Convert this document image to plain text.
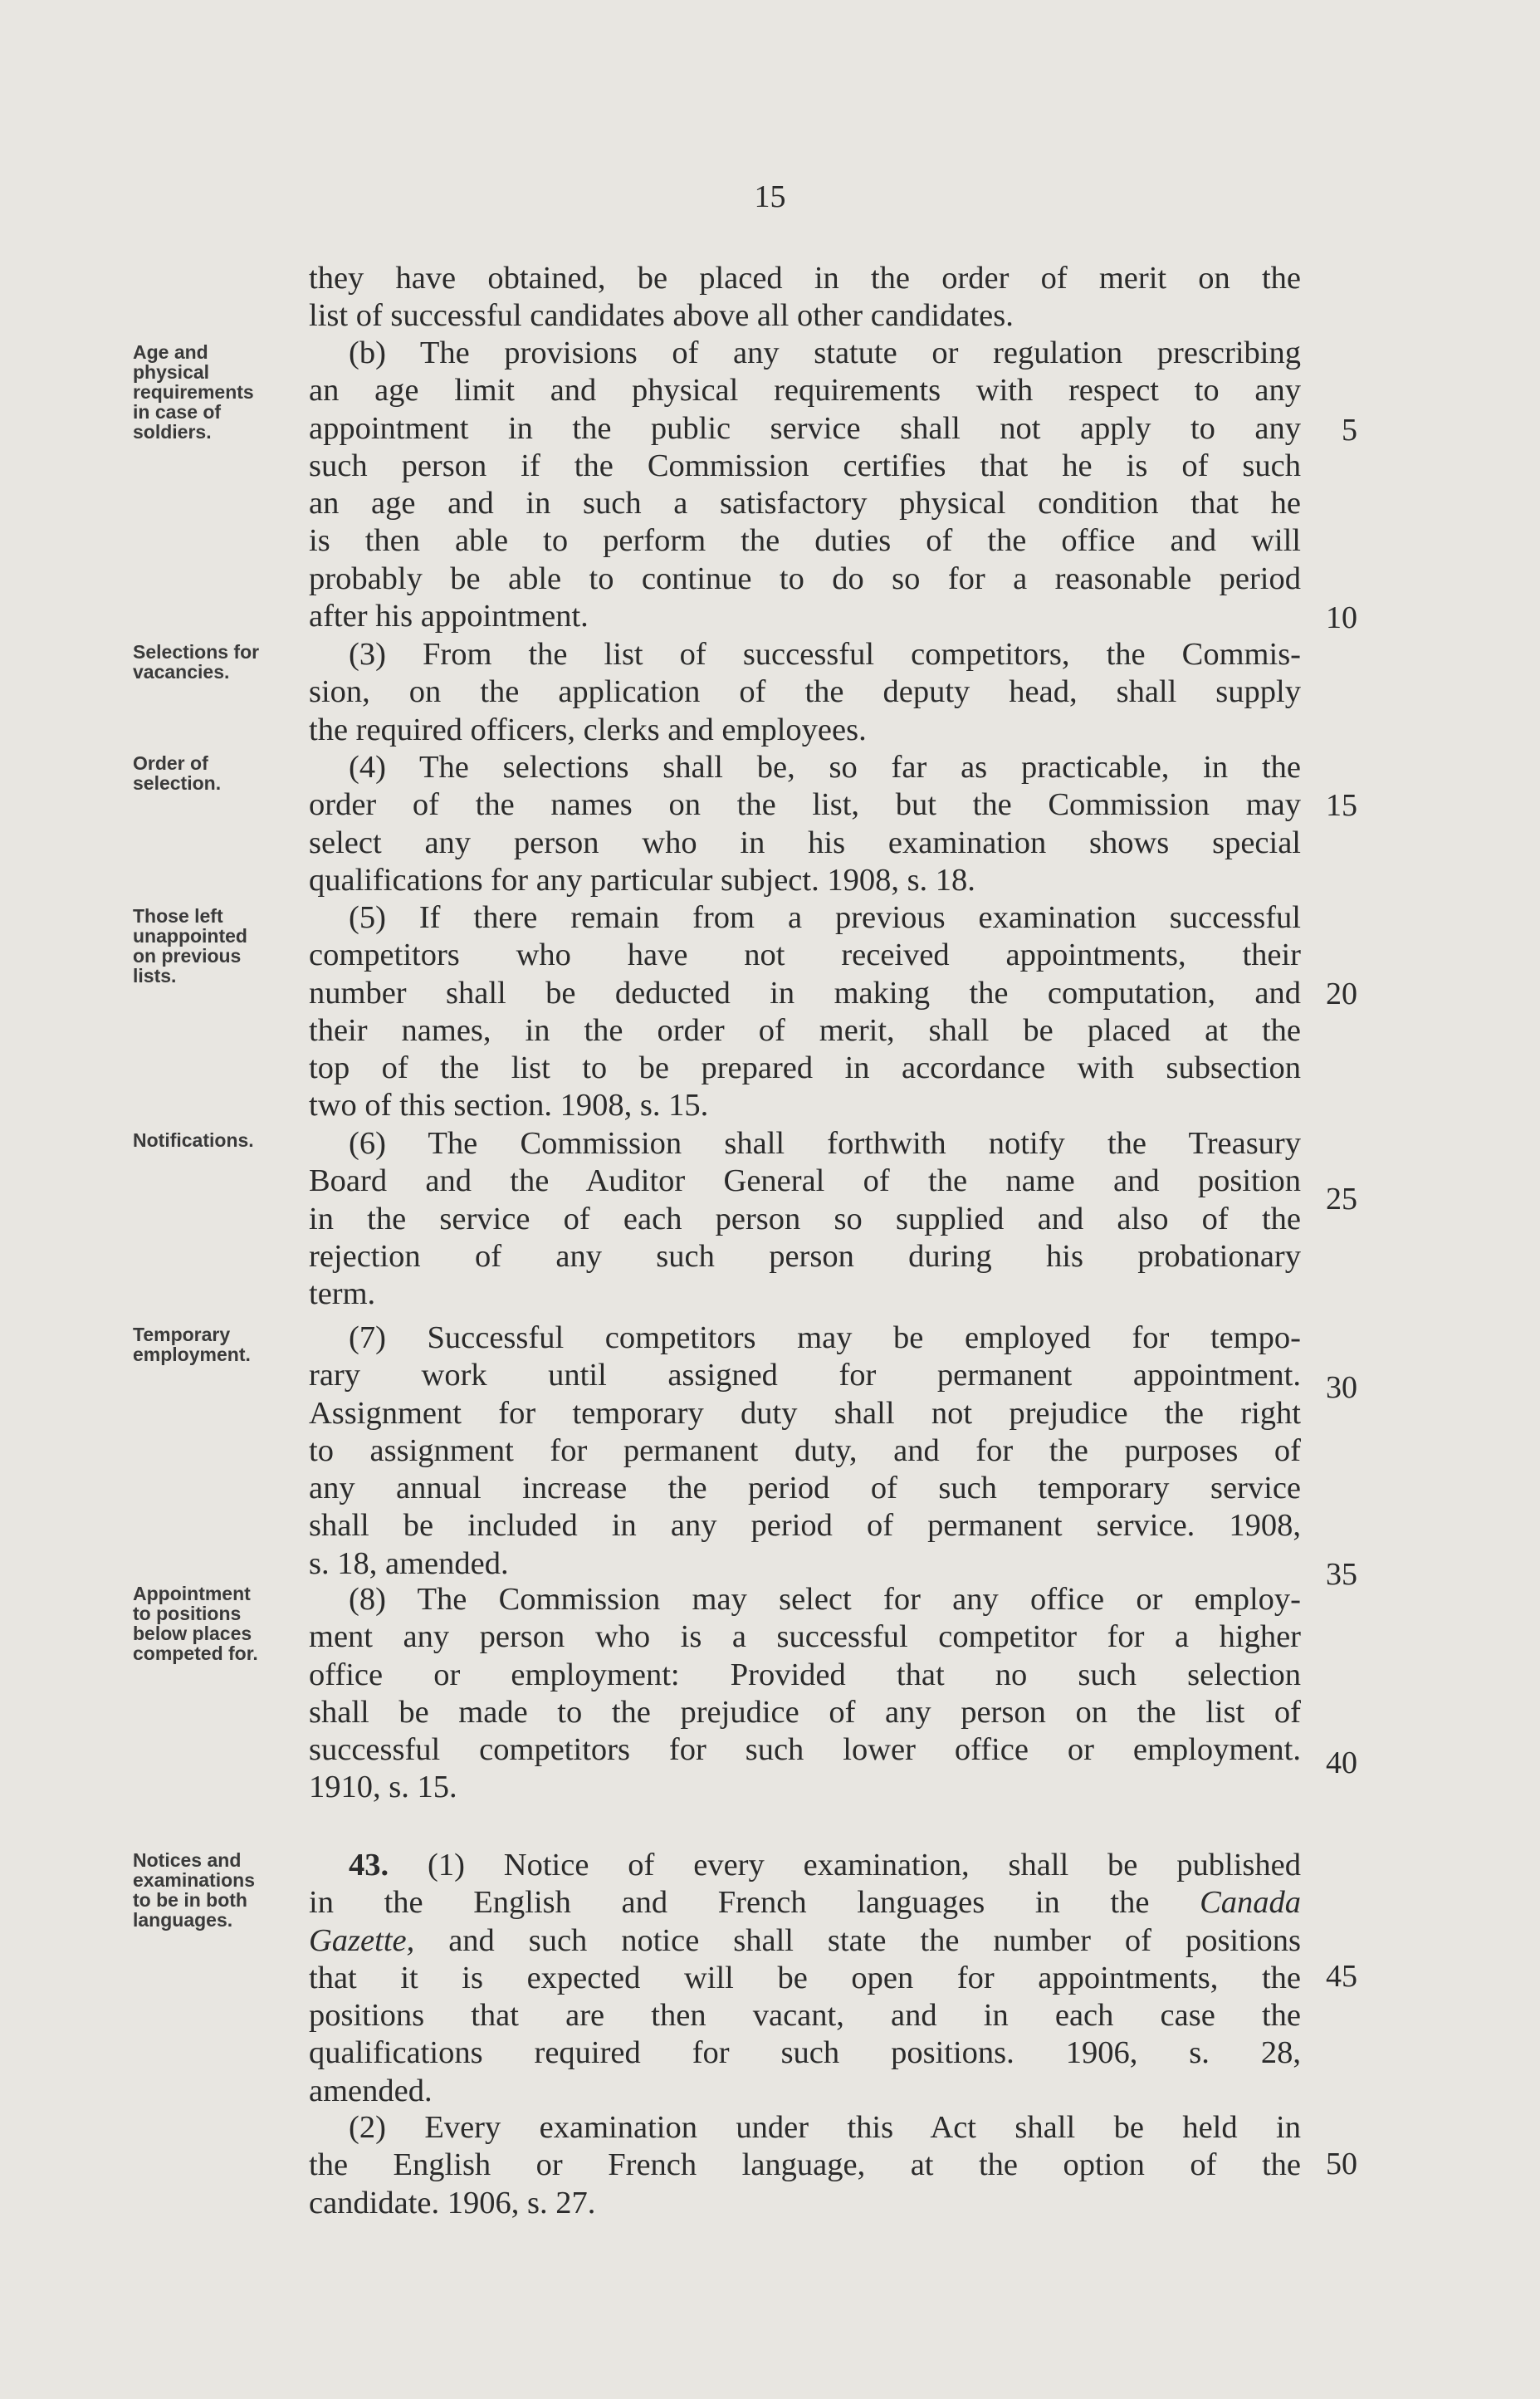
15
Age and
physical
requirements
in case of
soldiers.
Selections for
vacancies.
Order of
selection.
Those left
unappointed
on previous
lists.
Notifications.
Temporary
employment.
Appointment
to positions
below places
competed for.
Notices and
examinations
to be in both
languages.
they have obtained, be placed in the order of merit on the
list of successful candidates above all other candidates.
(b) The provisions of any statute or regulation prescribing
an age limit and physical requirements with respect to any
appointment in the public service shall not apply to any
such person if the Commission certifies that he is of such
an age and in such a satisfactory physical condition that he
is then able to perform the duties of the office and will
probably be able to continue to do so for a reasonable period
after his appointment.
(3) From the list of successful competitors, the Commis-
sion, on the application of the deputy head, shall supply
the required officers, clerks and employees.
(4) The selections shall be, so far as practicable, in the
order of the names on the list, but the Commission may
select any person who in his examination shows special
qualifications for any particular subject. 1908, s. 18.
(5) If there remain from a previous examination successful
competitors who have not received appointments, their
number shall be deducted in making the computation, and
their names, in the order of merit, shall be placed at the
top of the list to be prepared in accordance with subsection
two of this section. 1908, s. 15.
(6) The Commission shall forthwith notify the Treasury
Board and the Auditor General of the name and position
in the service of each person so supplied and also of the
rejection of any such person during his probationary
term.
(7) Successful competitors may be employed for tempo-
rary work until assigned for permanent appointment.
Assignment for temporary duty shall not prejudice the right
to assignment for permanent duty, and for the purposes of
any annual increase the period of such temporary service
shall be included in any period of permanent service. 1908,
s. 18, amended.
(8) The Commission may select for any office or employ-
ment any person who is a successful competitor for a higher
office or employment: Provided that no such selection
shall be made to the prejudice of any person on the list of
successful competitors for such lower office or employment.
1910, s. 15.
43. (1) Notice of every examination, shall be published
in the English and French languages in the Canada
Gazette, and such notice shall state the number of positions
that it is expected will be open for appointments, the
positions that are then vacant, and in each case the
qualifications required for such positions. 1906, s. 28,
amended.
(2) Every examination under this Act shall be held in
the English or French language, at the option of the
candidate. 1906, s. 27.
5
10
15
20
25
30
35
40
45
50
